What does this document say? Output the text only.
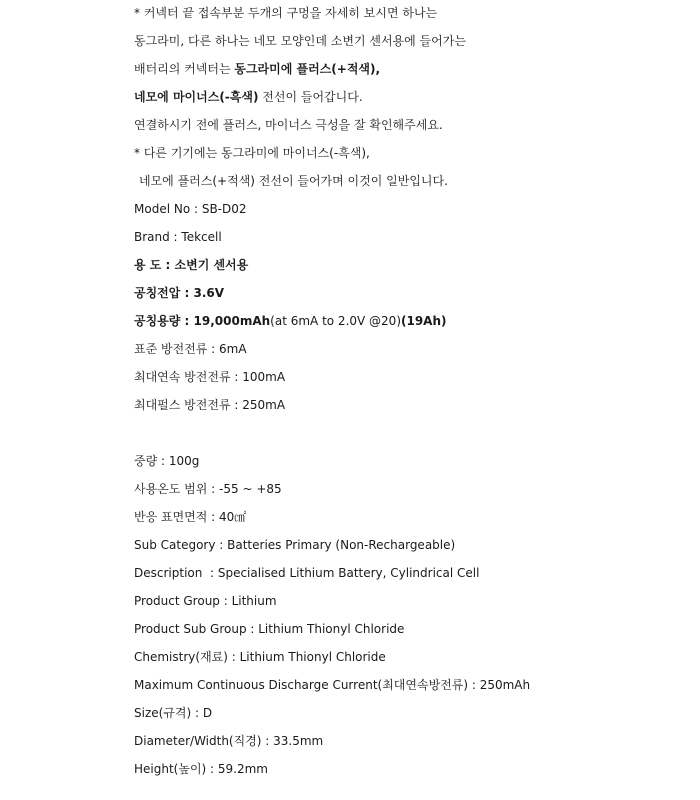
* 커넥터 끝 접속부분 두개의 구멍을 자세히 보시면 하나는
동그라미, 다른 하나는 네모 모양인데 소변기 센서용에 들어가는
배터리의 커넥터는 동그라미에 플러스(+적색),
네모에 마이너스(-흑색) 전선이 들어갑니다.
연결하시기 전에 플러스, 마이너스 극성을 잘 확인해주세요.
* 다른 기기에는 동그라미에 마이너스(-흑색),
네모에 플러스(+적색) 전선이 들어가며 이것이 일반입니다.
Model No : SB-D02
Brand : Tekcell
용 도 : 소변기 센서용
공칭전압 : 3.6V
공칭용량 : 19,000mAh(at 6mA to 2.0V @20)(19Ah)
표준 방전전류 : 6mA
최대연속 방전전류 : 100mA
최대펄스 방전전류 : 250mA
중량 : 100g
사용온도 범위 : -55 ~ +85
반응 표면면적 : 40㎠
Sub Category : Batteries Primary (Non-Rechargeable)
Description  : Specialised Lithium Battery, Cylindrical Cell
Product Group : Lithium
Product Sub Group : Lithium Thionyl Chloride
Chemistry(재료) : Lithium Thionyl Chloride
Maximum Continuous Discharge Current(최대연속방전류) : 250mAh
Size(규격) : D
Diameter/Width(직경) : 33.5mm
Height(높이) : 59.2mm
